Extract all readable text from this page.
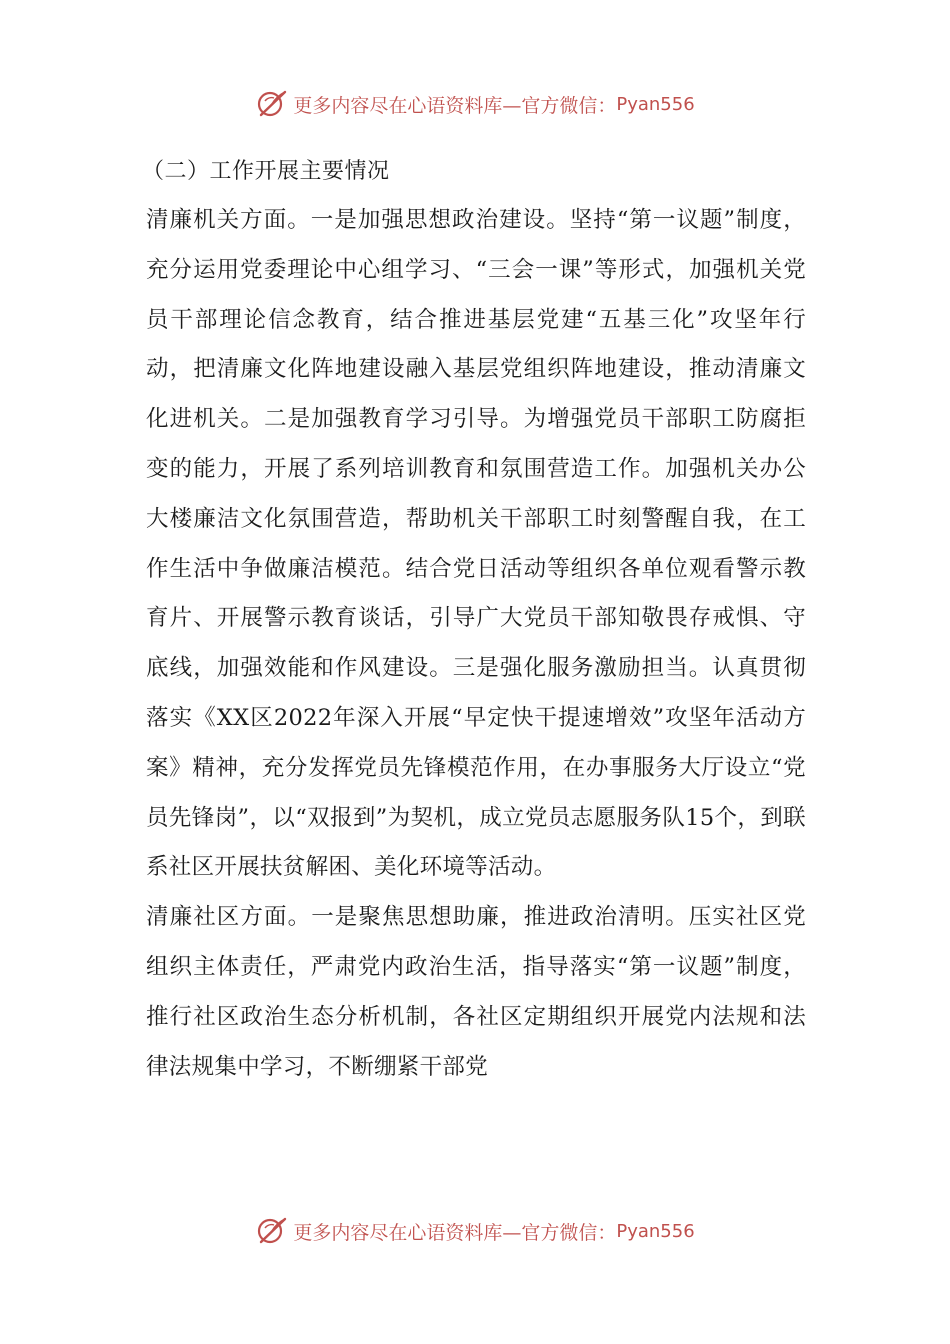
更多内容尽在心语资料库—官方微信： Pyan556
（二）工作开展主要情况

清廉机关方面。一是加强思想政治建设。坚持“第一议题”制度，充分运用党委理论中心组学习、“三会一课”等形式，加强机关党员干部理论信念教育，结合推进基层党建“五基三化”攻坚年行动，把清廉文化阵地建设融入基层党组织阵地建设，推动清廉文化进机关。二是加强教育学习引导。为增强党员干部职工防腐拒变的能力，开展了系列培训教育和氛围营造工作。加强机关办公大楼廉洁文化氛围营造，帮助机关干部职工时刻警醒自我，在工作生活中争做廉洁模范。结合党日活动等组织各单位观看警示教育片、开展警示教育谈话，引导广大党员干部知敬畏存戒惧、守底线，加强效能和作风建设。三是强化服务激励担当。认真贯彻落实《XX区2022年深入开展“早定快干提速增效”攻坚年活动方案》精神，充分发挥党员先锋模范作用，在办事服务大厅设立“党员先锋岗”，以“双报到”为契机，成立党员志愿服务队15个，到联系社区开展扶贫解困、美化环境等活动。

清廉社区方面。一是聚焦思想助廉，推进政治清明。压实社区党组织主体责任，严肃党内政治生活，指导落实“第一议题”制度，推行社区政治生态分析机制，各社区定期组织开展党内法规和法律法规集中学习，不断绷紧干部党

更多内容尽在心语资料库—官方微信： Pyan556
